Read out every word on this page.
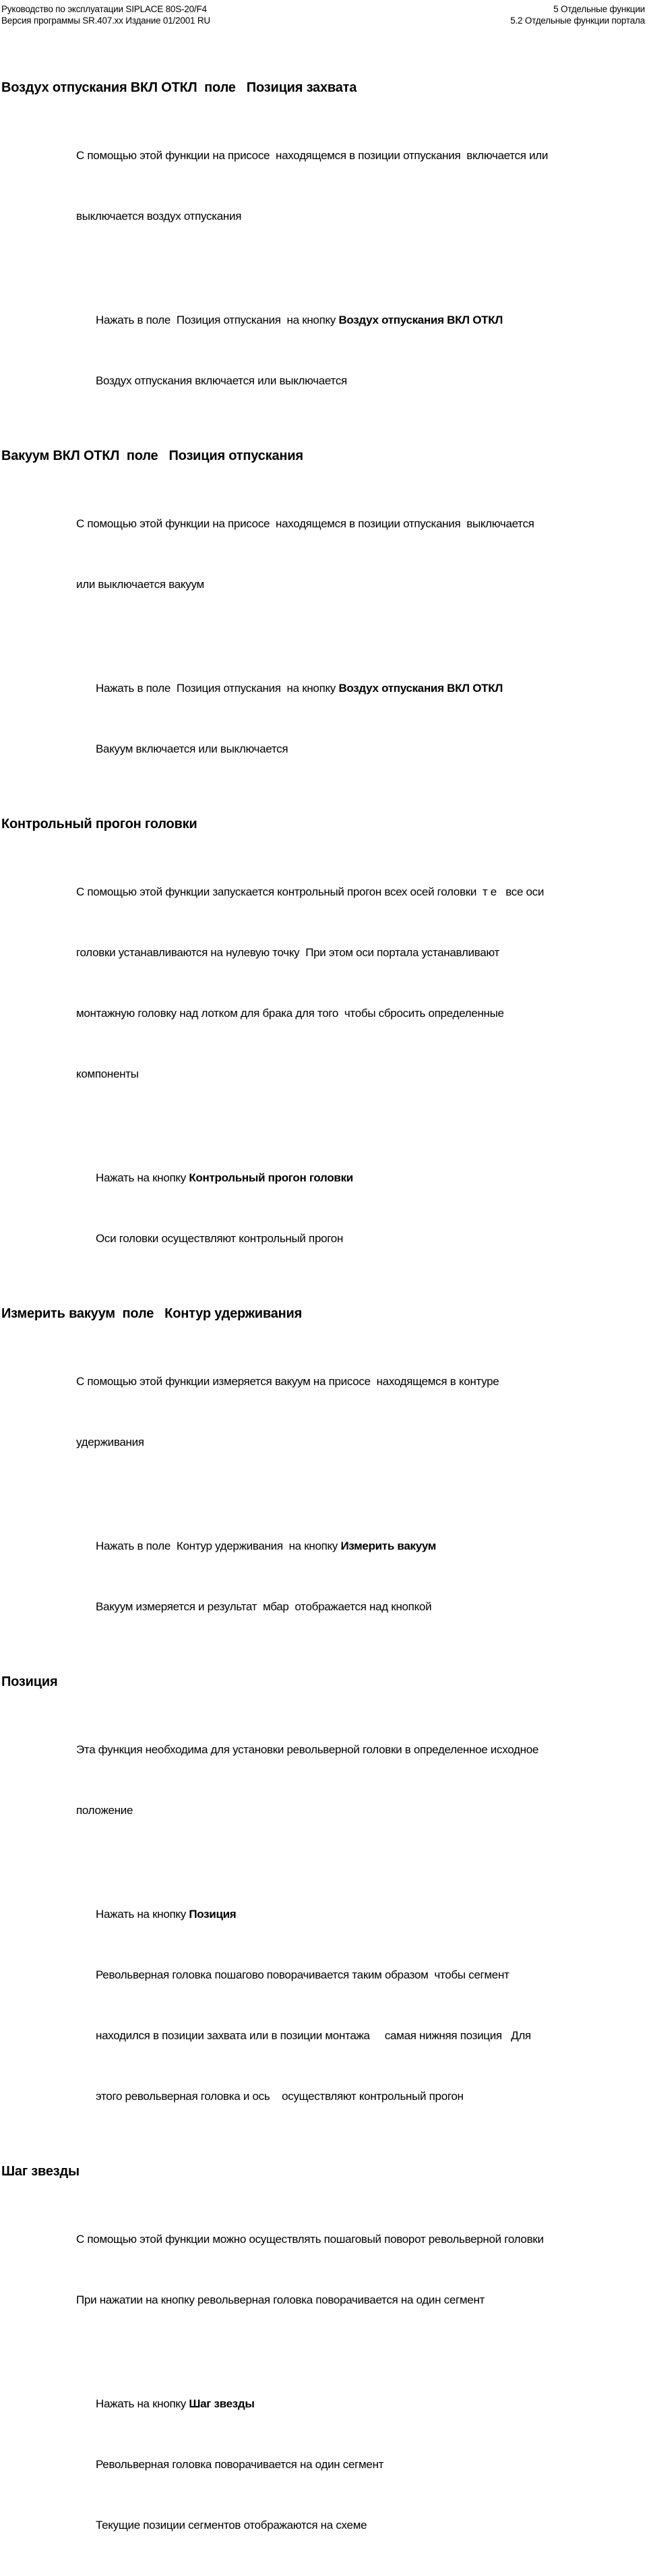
Руководство по эксплуатации SIPLACE 80S-20/F4
Версия программы SR.407.xx Издание 01/2001 RU
5 Отдельные функции
5.2 Отдельные функции портала
Воздух отпускания ВКЛ ОТКЛ  поле   Позиция захвата

С помощью этой функции на присосе  находящемся в позиции отпускания  включается или

выключается воздух отпускания

Нажать в поле  Позиция отпускания  на кнопку Воздух отпускания ВКЛ ОТКЛ

Воздух отпускания включается или выключается

Вакуум ВКЛ ОТКЛ  поле   Позиция отпускания

С помощью этой функции на присосе  находящемся в позиции отпускания  выключается

или выключается вакуум

Нажать в поле  Позиция отпускания  на кнопку Воздух отпускания ВКЛ ОТКЛ

Вакуум включается или выключается

Контрольный прогон головки

С помощью этой функции запускается контрольный прогон всех осей головки  т е   все оси

головки устанавливаются на нулевую точку  При этом оси портала устанавливают

монтажную головку над лотком для брака для того  чтобы сбросить определенные

компоненты

Нажать на кнопку Контрольный прогон головки

Оси головки осуществляют контрольный прогон

Измерить вакуум  поле   Контур удерживания

С помощью этой функции измеряется вакуум на присосе  находящемся в контуре

удерживания

Нажать в поле  Контур удерживания  на кнопку Измерить вакуум

Вакуум измеряется и результат  мбар  отображается над кнопкой

Позиция

Эта функция необходима для установки револьверной головки в определенное исходное

положение

Нажать на кнопку Позиция

Револьверная головка пошагово поворачивается таким образом  чтобы сегмент

находился в позиции захвата или в позиции монтажа     самая нижняя позиция   Для

этого револьверная головка и ось    осуществляют контрольный прогон

Шаг звезды

С помощью этой функции можно осуществлять пошаговый поворот револьверной головки

При нажатии на кнопку револьверная головка поворачивается на один сегмент

Нажать на кнопку Шаг звезды

Револьверная головка поворачивается на один сегмент

Текущие позиции сегментов отображаются на схеме
